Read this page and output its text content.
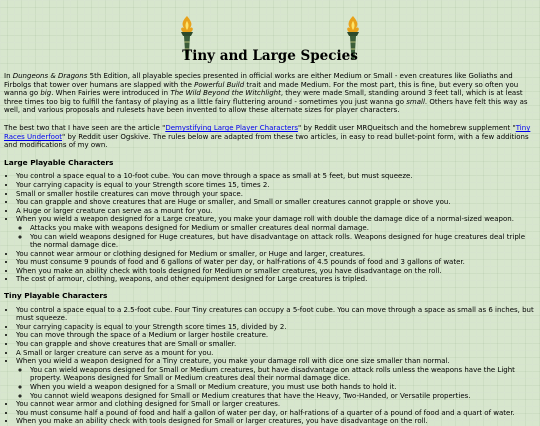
Tiny and Large Species

In Dungeons & Dragons 5th Edition, all playable species presented in official works are either Medium or Small - even creatures like Goliaths and Firbolgs that tower over humans are slapped with the Powerful Build trait and made Medium. For the most part, this is fine, but every so often you wanna go big. When Fairies were introduced in The Wild Beyond the Witchlight, they were made Small, standing around 3 feet tall, which is at least three times too big to fulfill the fantasy of playing as a little fairy fluttering around - sometimes you just wanna go small. Others have felt this way as well, and various proposals and rulesets have been invented to allow these alternate sizes for player characters.

The best two that I have seen are the article "Demystifying Large Player Characters" by Reddit user MRQueitsch and the homebrew supplement "Tiny Races Underfoot" by Reddit user Ogskive. The rules below are adapted from these two articles, in easy to read bullet-point form, with a few additions and modifications of my own.

Large Playable Characters
• You control a space equal to a 10-foot cube. You can move through a space as small at 5 feet, but must squeeze.
• Your carrying capacity is equal to your Strength score times 15, times 2.
• Small or smaller hostile creatures can move through your space.
• You can grapple and shove creatures that are Huge or smaller, and Small or smaller creatures cannot grapple or shove you.
• A Huge or larger creature can serve as a mount for you.
• When you wield a weapon designed for a Large creature, you make your damage roll with double the damage dice of a normal-sized weapon.
◦ Attacks you make with weapons designed for Medium or smaller creatures deal normal damage.
◦ You can wield weapons designed for Huge creatures, but have disadvantage on attack rolls. Weapons designed for huge creatures deal triple the normal damage dice.
• You cannot wear armour or clothing designed for Medium or smaller, or Huge and larger, creatures.
• You must consume 9 pounds of food and 6 gallons of water per day, or half-rations of 4.5 pounds of food and 3 gallons of water.
• When you make an ability check with tools designed for Medium or smaller creatures, you have disadvantage on the roll.
• The cost of armour, clothing, weapons, and other equipment designed for Large creatures is tripled.
Tiny Playable Characters
• You control a space equal to a 2.5-foot cube. Four Tiny creatures can occupy a 5-foot cube. You can move through a space as small as 6 inches, but must squeeze.
• Your carrying capacity is equal to your Strength score times 15, divided by 2.
• You can move through the space of a Medium or larger hostile creature.
• You can grapple and shove creatures that are Small or smaller.
• A Small or larger creature can serve as a mount for you.
• When you wield a weapon designed for a Tiny creature, you make your damage roll with dice one size smaller than normal.
◦ You can wield weapons designed for Small or Medium creatures, but have disadvantage on attack rolls unless the weapons have the Light property. Weapons designed for Small or Medium creatures deal their normal damage dice.
◦ When you wield a weapon designed for a Small or Medium creature, you must use both hands to hold it.
◦ You cannot wield weapons designed for Small or Medium creatures that have the Heavy, Two-Handed, or Versatile properties.
• You cannot wear armor and clothing designed for Small or larger creatures.
• You must consume half a pound of food and half a gallon of water per day, or half-rations of a quarter of a pound of food and a quart of water.
• When you make an ability check with tools designed for Small or larger creatures, you have disadvantage on the roll.
